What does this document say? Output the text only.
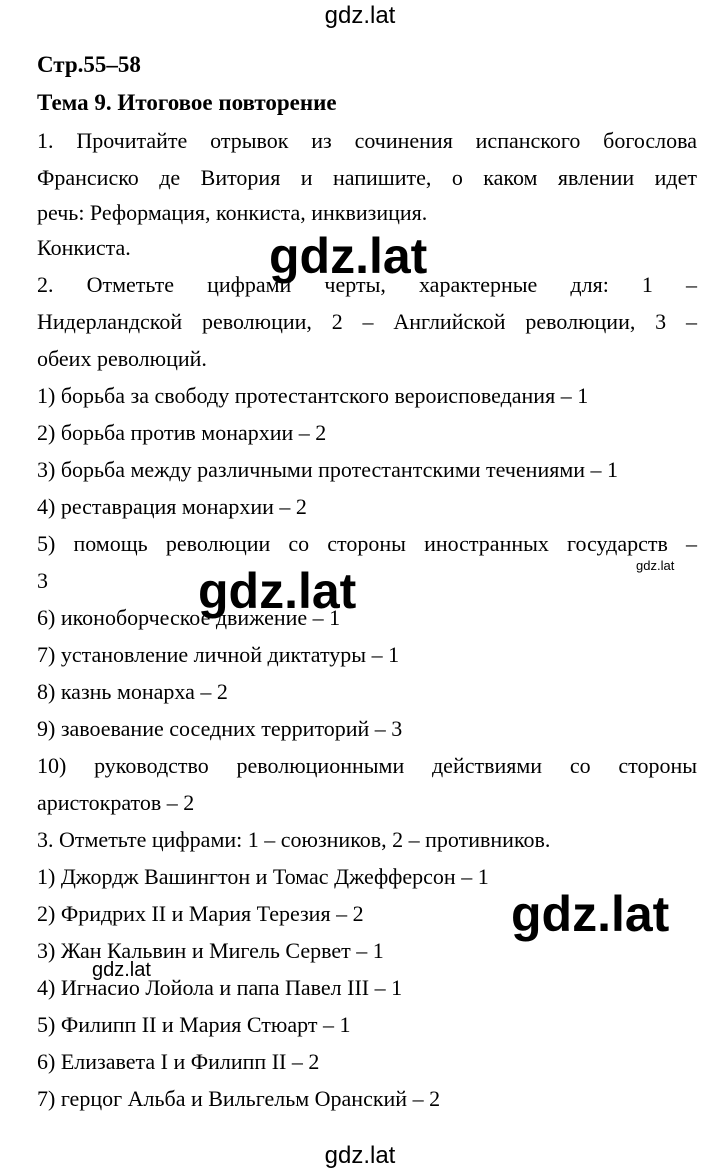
gdz.lat
Стр.55–58
Тема 9. Итоговое повторение
1. Прочитайте отрывок из сочинения испанского богослова
Франсиско де Витория и напишите, о каком явлении идет
речь: Реформация, конкиста, инквизиция.
Конкиста.
2. Отметьте цифрами черты, характерные для: 1 –
Нидерландской революции, 2 – Английской революции, 3 –
обеих революций.
1) борьба за свободу протестантского вероисповедания – 1
2) борьба против монархии – 2
3) борьба между различными протестантскими течениями – 1
4) реставрация монархии – 2
5) помощь революции со стороны иностранных государств –
3
6) иконоборческое движение – 1
7) установление личной диктатуры – 1
8) казнь монарха – 2
9) завоевание соседних территорий – 3
10) руководство революционными действиями со стороны
аристократов – 2
3. Отметьте цифрами: 1 – союзников, 2 – противников.
1) Джордж Вашингтон и Томас Джефферсон – 1
2) Фридрих II и Мария Терезия – 2
3) Жан Кальвин и Мигель Сервет – 1
4) Игнасио Лойола и папа Павел III – 1
5) Филипп II и Мария Стюарт – 1
6) Елизавета I и Филипп II – 2
7) герцог Альба и Вильгельм Оранский – 2
gdz.lat
gdz.lat
gdz.lat
gdz.lat
gdz.lat
gdz.lat
